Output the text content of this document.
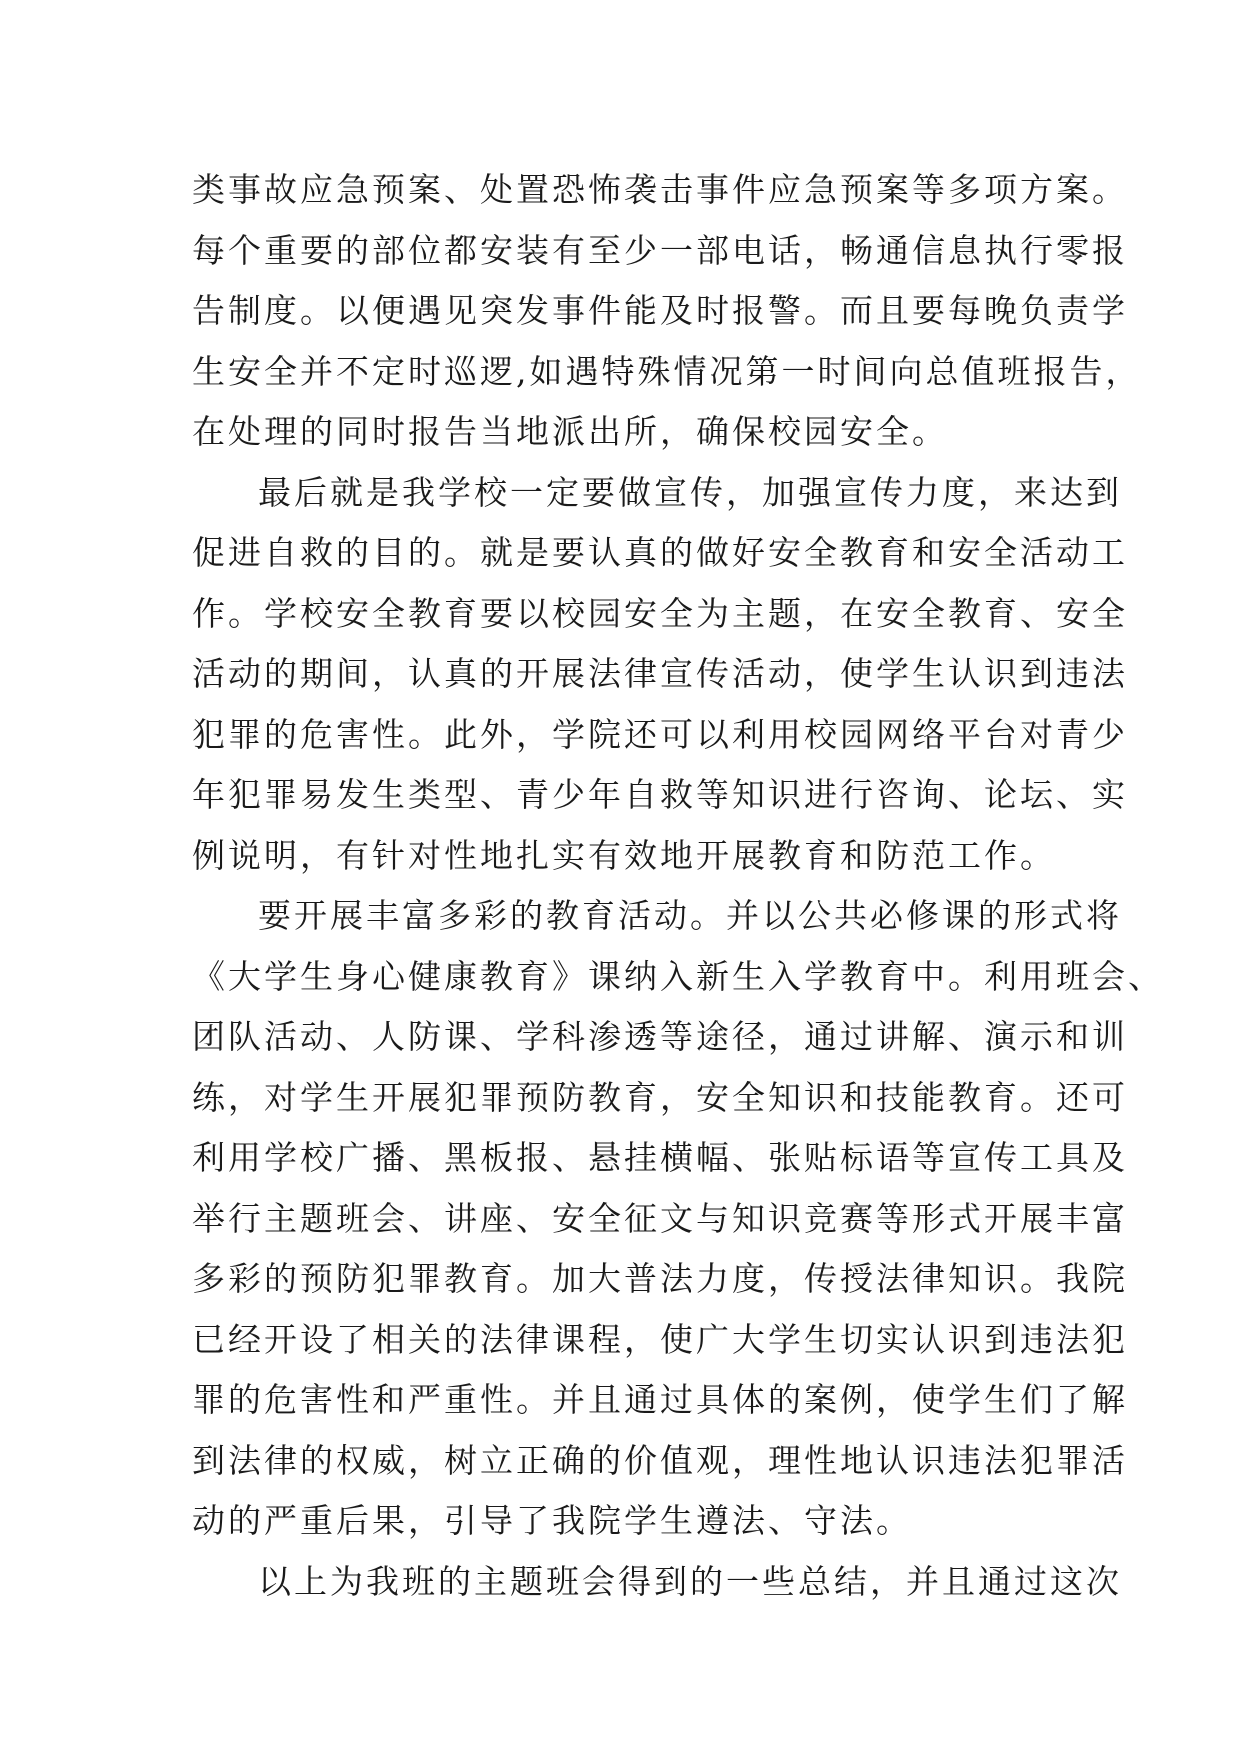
类事故应急预案、处置恐怖袭击事件应急预案等多项方案。
每个重要的部位都安装有至少一部电话，畅通信息执行零报
告制度。以便遇见突发事件能及时报警。而且要每晚负责学
生安全并不定时巡逻,如遇特殊情况第一时间向总值班报告，
在处理的同时报告当地派出所，确保校园安全。
最后就是我学校一定要做宣传，加强宣传力度，来达到
促进自救的目的。就是要认真的做好安全教育和安全活动工
作。学校安全教育要以校园安全为主题，在安全教育、安全
活动的期间，认真的开展法律宣传活动，使学生认识到违法
犯罪的危害性。此外，学院还可以利用校园网络平台对青少
年犯罪易发生类型、青少年自救等知识进行咨询、论坛、实
例说明，有针对性地扎实有效地开展教育和防范工作。
要开展丰富多彩的教育活动。并以公共必修课的形式将
《大学生身心健康教育》课纳入新生入学教育中。利用班会、
团队活动、人防课、学科渗透等途径，通过讲解、演示和训
练，对学生开展犯罪预防教育，安全知识和技能教育。还可
利用学校广播、黑板报、悬挂横幅、张贴标语等宣传工具及
举行主题班会、讲座、安全征文与知识竞赛等形式开展丰富
多彩的预防犯罪教育。加大普法力度，传授法律知识。我院
已经开设了相关的法律课程，使广大学生切实认识到违法犯
罪的危害性和严重性。并且通过具体的案例，使学生们了解
到法律的权威，树立正确的价值观，理性地认识违法犯罪活
动的严重后果，引导了我院学生遵法、守法。
以上为我班的主题班会得到的一些总结，并且通过这次
